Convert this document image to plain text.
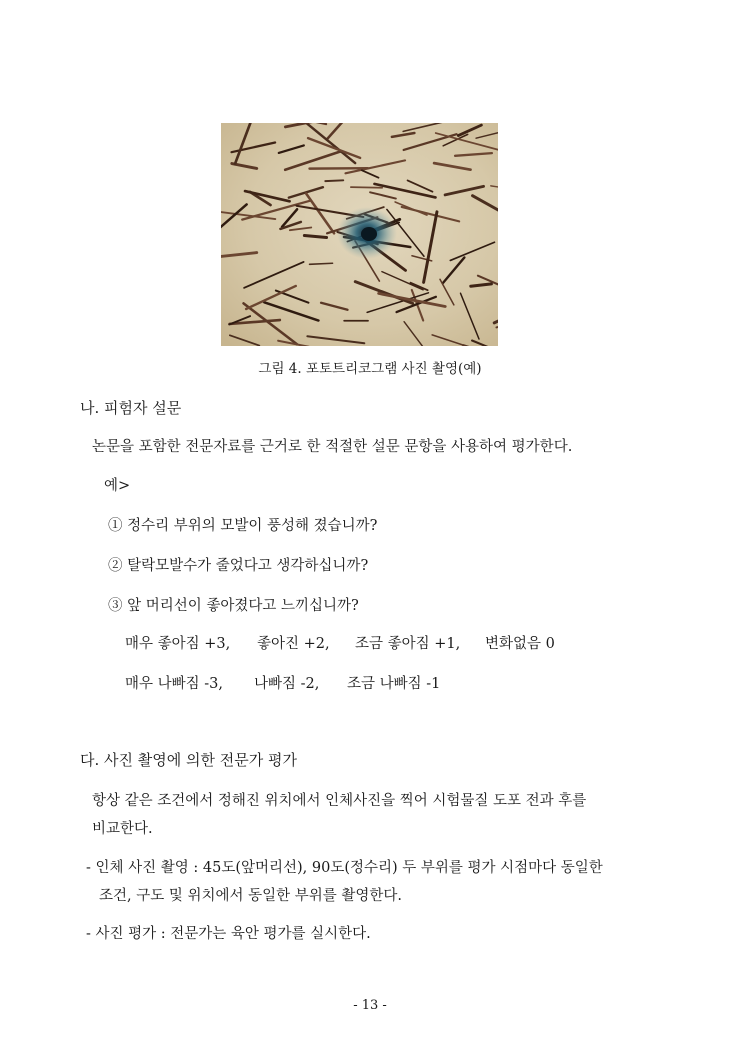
그림 4. 포토트리코그램 사진 촬영(예)
나. 피험자 설문
논문을 포함한 전문자료를 근거로 한 적절한 설문 문항을 사용하여 평가한다.
예>
① 정수리 부위의 모발이 풍성해 졌습니까?
② 탈락모발수가 줄었다고 생각하십니까?
③ 앞 머리선이 좋아졌다고 느끼십니까?
매우 좋아짐 +3, 좋아진 +2, 조금 좋아짐 +1, 변화없음 0
매우 나빠짐 -3, 나빠짐 -2, 조금 나빠짐 -1
다. 사진 촬영에 의한 전문가 평가
항상 같은 조건에서 정해진 위치에서 인체사진을 찍어 시험물질 도포 전과 후를
비교한다.
- 인체 사진 촬영 : 45도(앞머리선), 90도(정수리) 두 부위를 평가 시점마다 동일한
조건, 구도 및 위치에서 동일한 부위를 촬영한다.
- 사진 평가 : 전문가는 육안 평가를 실시한다.
- 13 -
